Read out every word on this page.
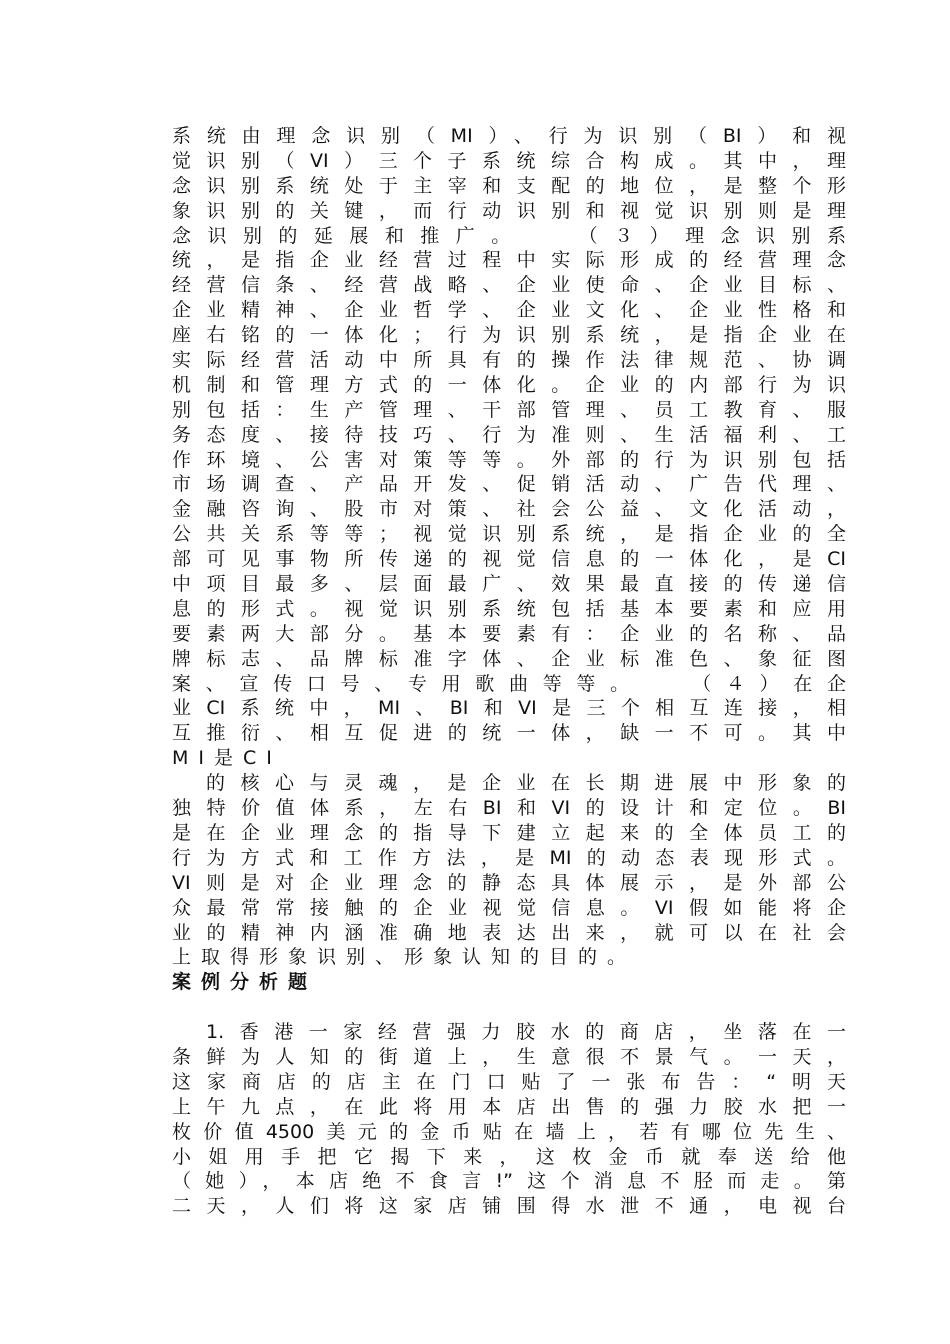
系统由理念识别（MI）、行为识别（BI）和视
觉识别（VI）三个子系统综合构成。其中，理
念识别系统处于主宰和支配的地位，是整个形
象识别的关键，而行动识别和视觉识别则是理
念识别的延展和推广。　　（３）理念识别系
统，是指企业经营过程中实际形成的经营理念
经营信条、经营战略、企业使命、企业目标、
企业精神、企业哲学、企业文化、企业性格和
座右铭的一体化；行为识别系统，是指企业在
实际经营活动中所具有的操作法律规范、协调
机制和管理方式的一体化。企业的内部行为识
别包括：生产管理、干部管理、员工教育、服
务态度、接待技巧、行为准则、生活福利、工
作环境、公害对策等等。外部的行为识别包括
市场调查、产品开发、促销活动、广告代理、
金融咨询、股市对策、社会公益、文化活动，
公共关系等等；视觉识别系统，是指企业的全
部可见事物所传递的视觉信息的一体化，是CI
中项目最多、层面最广、效果最直接的传递信
息的形式。视觉识别系统包括基本要素和应用
要素两大部分。基本要素有：企业的名称、品
牌标志、品牌标准字体、企业标准色、象征图
案、宣传口号、专用歌曲等等。　　（４）在企
业CI系统中，MI、BI和VI是三个相互连接，相
互推衍、相互促进的统一体，缺一不可。其中
MI是CI
的核心与灵魂，是企业在长期进展中形象的
独特价值体系，左右BI和VI的设计和定位。BI
是在企业理念的指导下建立起来的全体员工的
行为方式和工作方法，是MI的动态表现形式。
VI则是对企业理念的静态具体展示，是外部公
众最常常接触的企业视觉信息。VI假如能将企
业的精神内涵准确地表达出来，就可以在社会
上取得形象识别、形象认知的目的。
案例分析题
1.香港一家经营强力胶水的商店，坐落在一
条鲜为人知的街道上，生意很不景气。一天，
这家商店的店主在门口贴了一张布告：“明天
上午九点，在此将用本店出售的强力胶水把一
枚价值4500美元的金币贴在墙上，若有哪位先生、
小姐用手把它揭下来，这枚金币就奉送给他
（她），本店绝不食言!”这个消息不胫而走。第
二天，人们将这家店铺围得水泄不通，电视台
